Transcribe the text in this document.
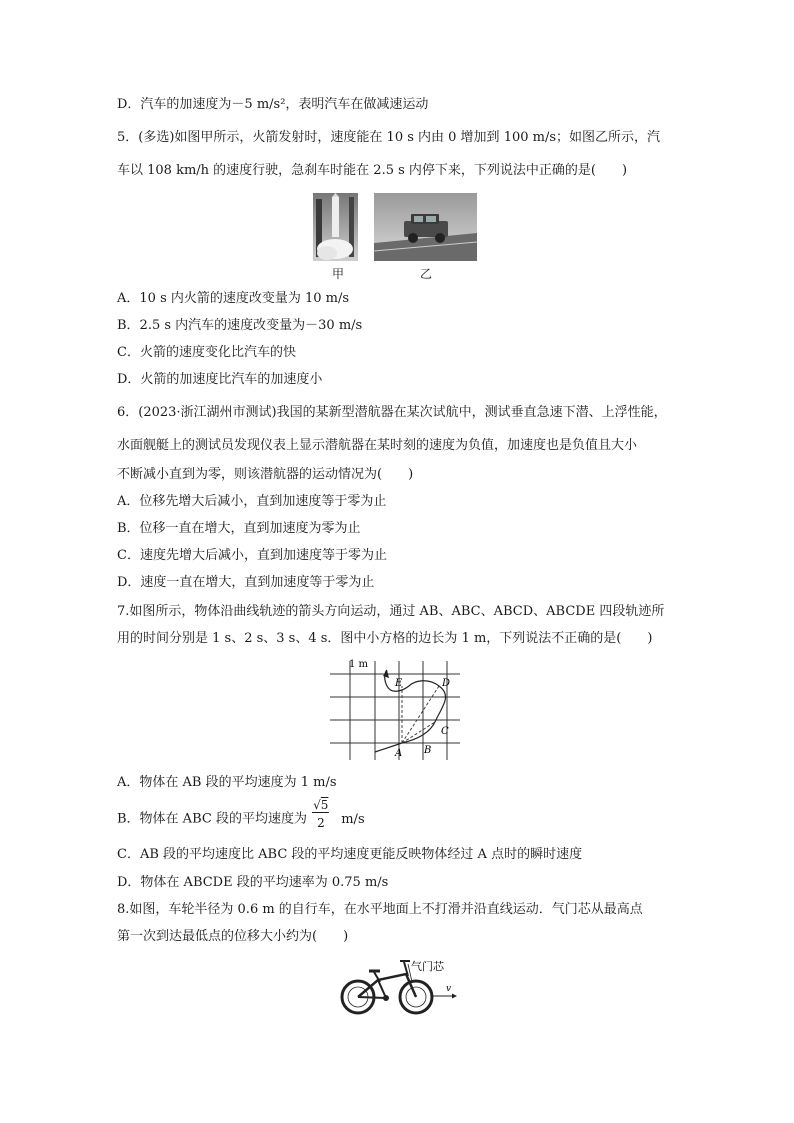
D．汽车的加速度为－5 m/s²，表明汽车在做减速运动
5．(多选)如图甲所示，火箭发射时，速度能在 10 s 内由 0 增加到 100 m/s；如图乙所示，汽
车以 108 km/h 的速度行驶，急刹车时能在 2.5 s 内停下来，下列说法中正确的是(　　)
甲	乙
A．10 s 内火箭的速度改变量为 10 m/s
B．2.5 s 内汽车的速度改变量为－30 m/s
C．火箭的速度变化比汽车的快
D．火箭的加速度比汽车的加速度小
6．(2023·浙江湖州市测试)我国的某新型潜航器在某次试航中，测试垂直急速下潜、上浮性能，
水面舰艇上的测试员发现仪表上显示潜航器在某时刻的速度为负值，加速度也是负值且大小
不断减小直到为零，则该潜航器的运动情况为(　　)
A．位移先增大后减小，直到加速度等于零为止
B．位移一直在增大，直到加速度为零为止
C．速度先增大后减小，直到加速度等于零为止
D．速度一直在增大，直到加速度等于零为止
7.如图所示，物体沿曲线轨迹的箭头方向运动，通过 AB、ABC、ABCD、ABCDE 四段轨迹所
用的时间分别是 1 s、2 s、3 s、4 s．图中小方格的边长为 1 m，下列说法不正确的是(　　)
1 m
A B
C
D
E
A．物体在 AB 段的平均速度为 1 m/s
B．物体在 ABC 段的平均速度为 $\frac{√5}{2} m/s$
C．AB 段的平均速度比 ABC 段的平均速度更能反映物体经过 A 点时的瞬时速度
D．物体在 ABCDE 段的平均速率为 0.75 m/s
8.如图，车轮半径为 0.6 m 的自行车，在水平地面上不打滑并沿直线运动．气门芯从最高点
第一次到达最低点的位移大小约为(　　)
气门芯
v
